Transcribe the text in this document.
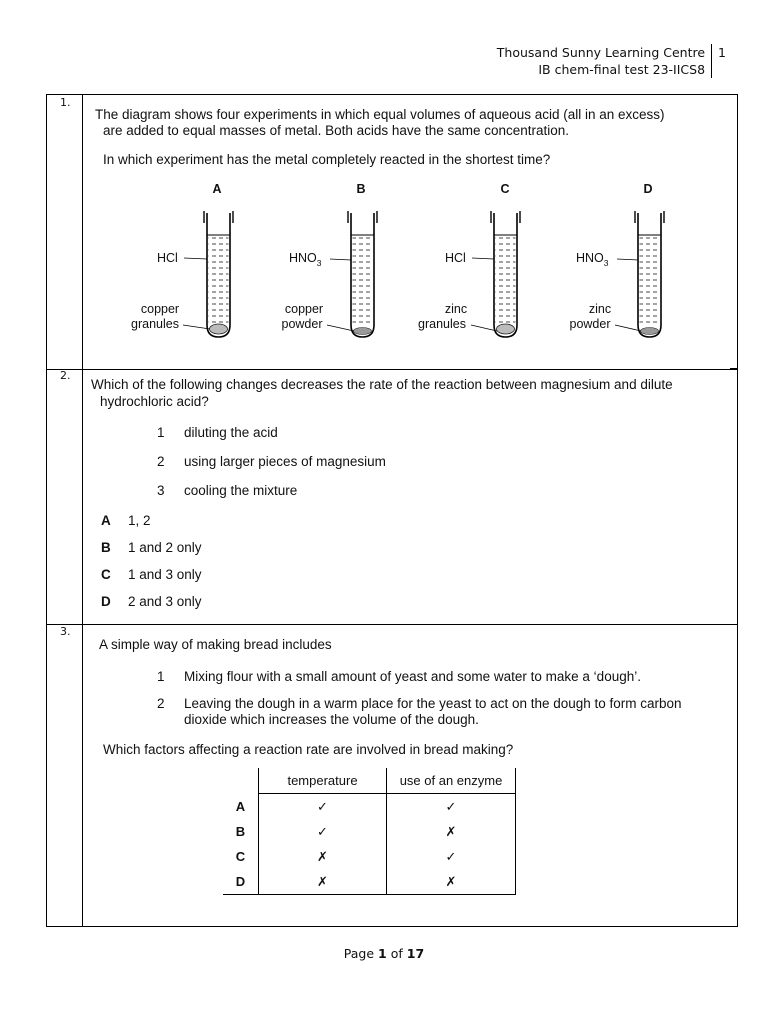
Thousand Sunny Learning Centre
IB chem-final test 23-IICS8
1
1.
2.
3.
The diagram shows four experiments in which equal volumes of aqueous acid (all in an excess)
are added to equal masses of metal. Both acids have the same concentration.
In which experiment has the metal completely reacted in the shortest time?
A
HCl
copper
granules
B
$HNO_3$
copper
powder
C
HCl
zinc
granules
D
$HNO_3$
zinc
powder
Which of the following changes decreases the rate of the reaction between magnesium and dilute
hydrochloric acid?
1 diluting the acid
2 using larger pieces of magnesium
3 cooling the mixture
A 1, 2
B 1 and 2 only
C 1 and 3 only
D 2 and 3 only
A simple way of making bread includes
1 Mixing flour with a small amount of yeast and some water to make a ‘dough’.
2 Leaving the dough in a warm place for the yeast to act on the dough to form carbon
dioxide which increases the volume of the dough.
Which factors affecting a reaction rate are involved in bread making?
	temperature	use of an enzyme
A	✓	✓
B	✓	✗
C	✗	✓
D	✗	✗
Page 1 of 17
